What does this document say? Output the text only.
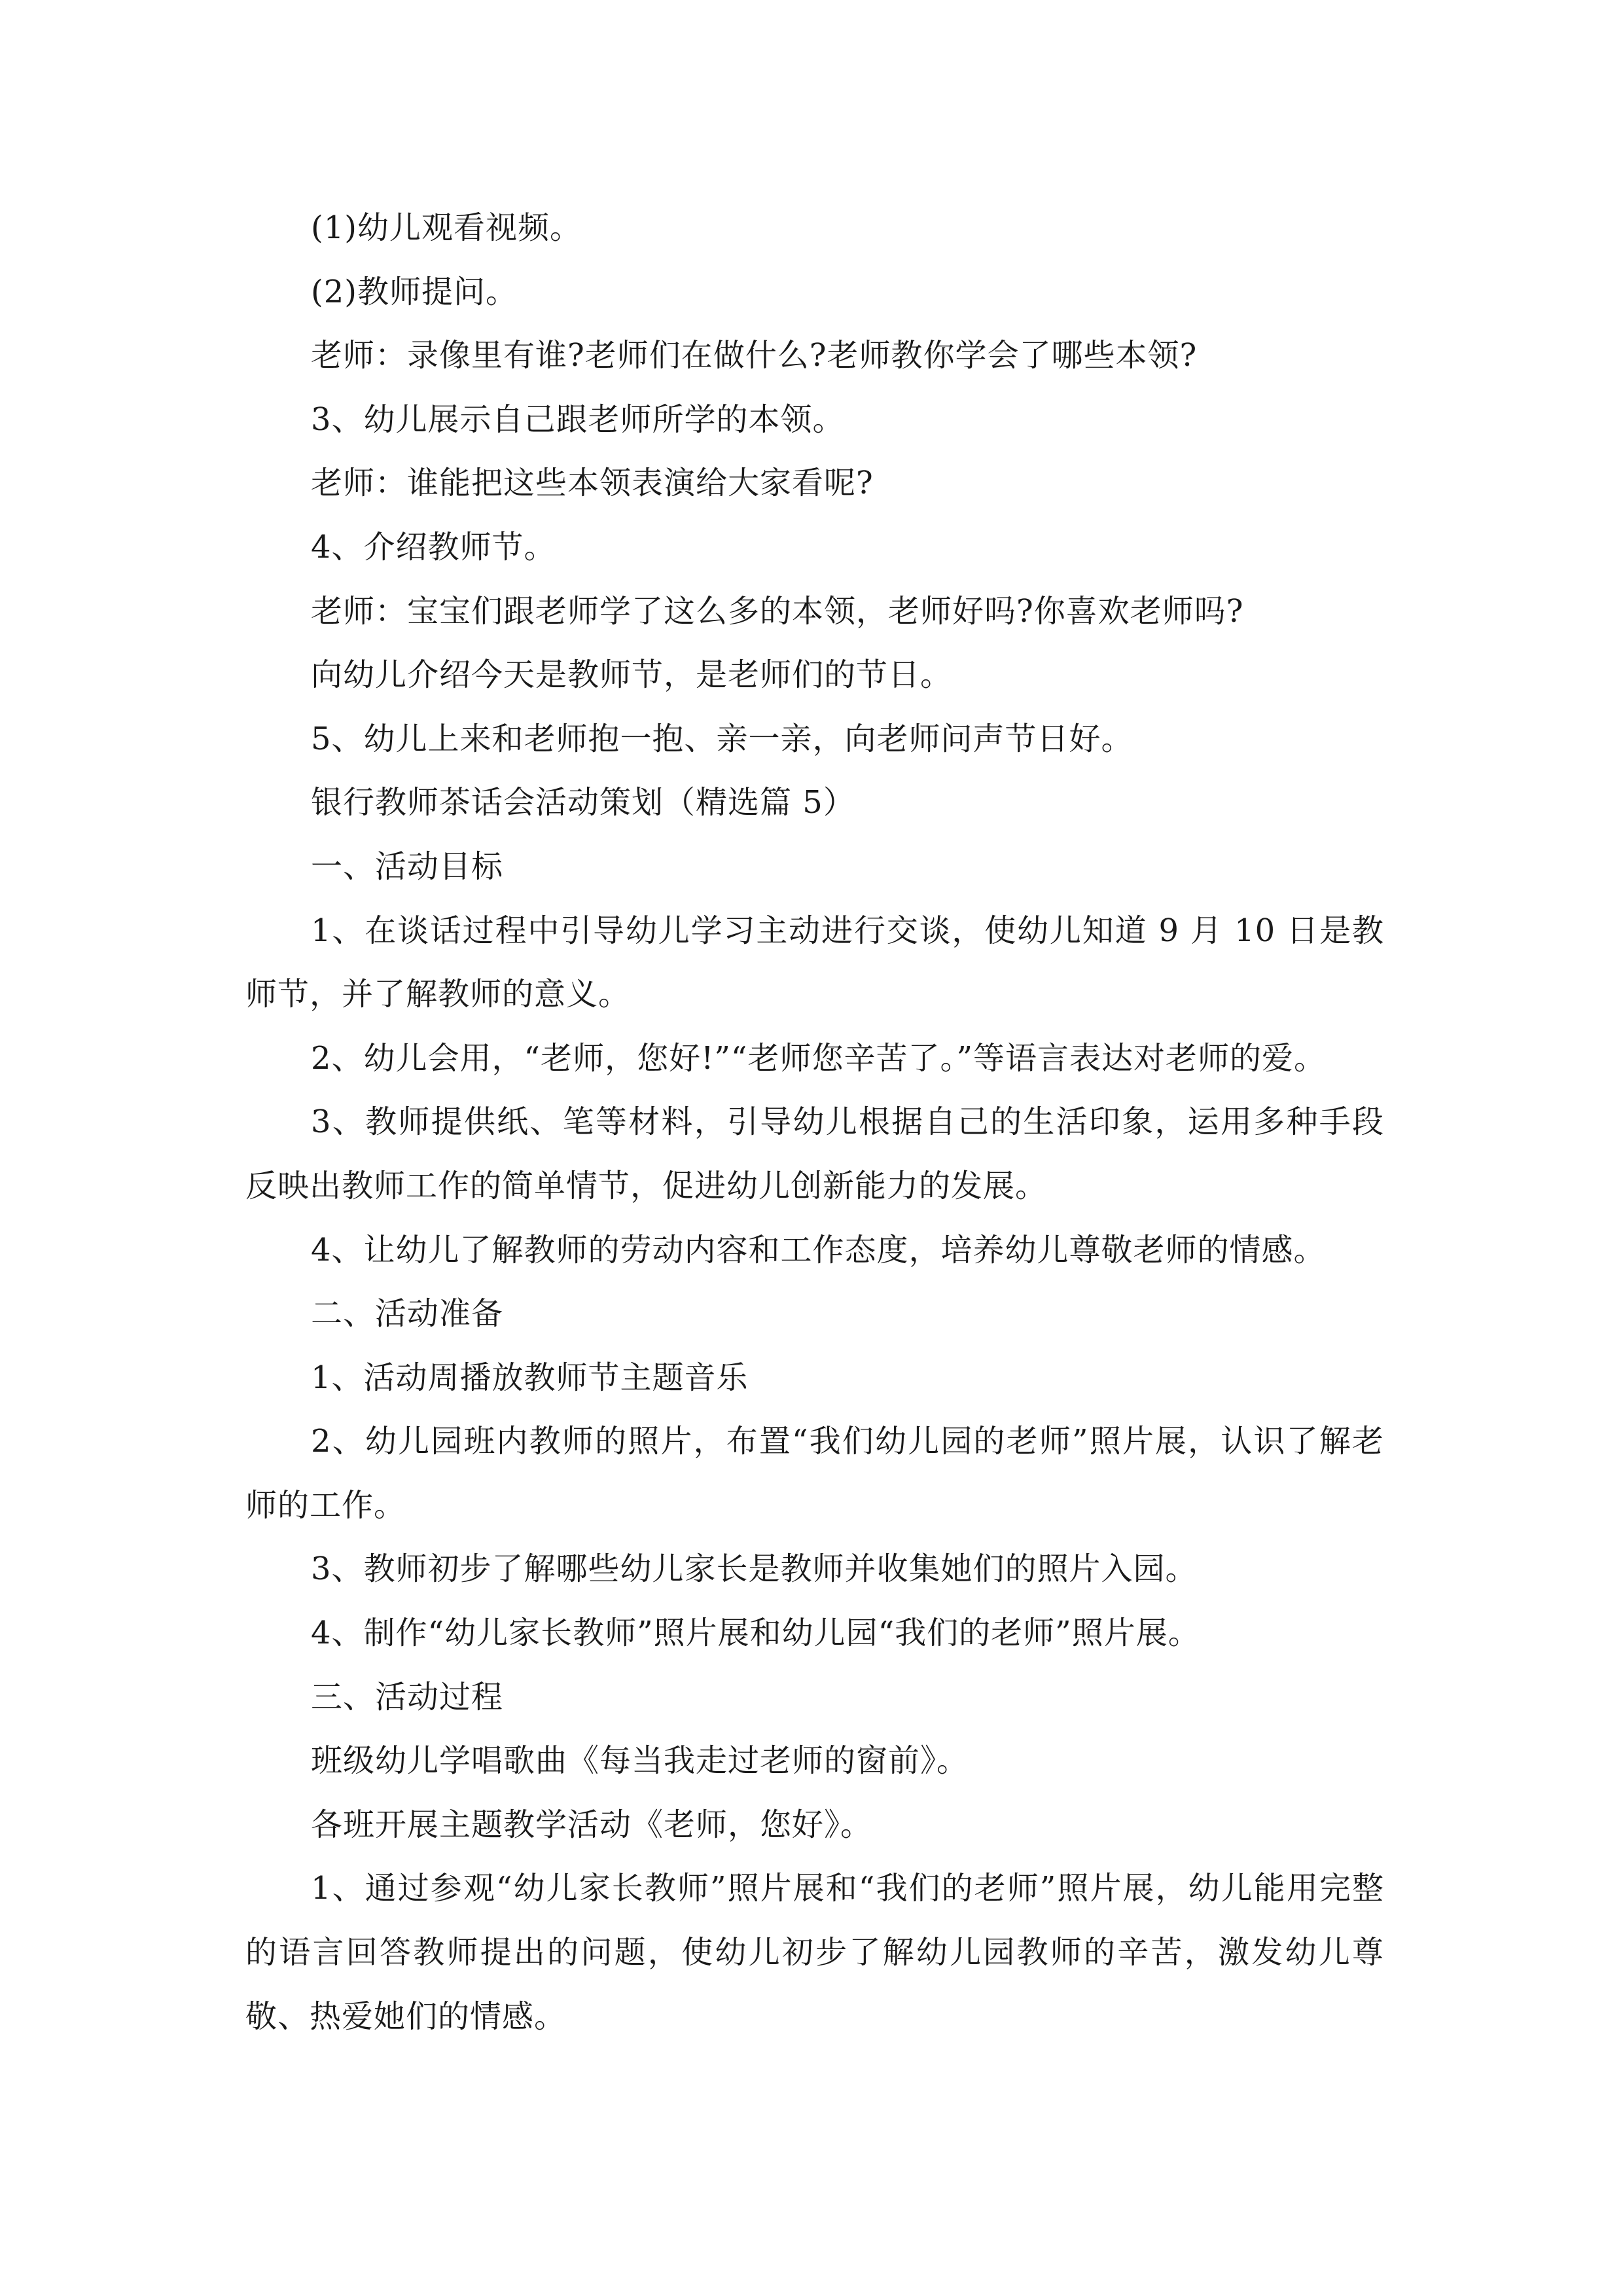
(1)幼儿观看视频。

(2)教师提问。

老师：录像里有谁?老师们在做什么?老师教你学会了哪些本领?

3、幼儿展示自己跟老师所学的本领。

老师：谁能把这些本领表演给大家看呢?

4、介绍教师节。

老师：宝宝们跟老师学了这么多的本领，老师好吗?你喜欢老师吗?

向幼儿介绍今天是教师节，是老师们的节日。

5、幼儿上来和老师抱一抱、亲一亲，向老师问声节日好。

银行教师茶话会活动策划（精选篇 5）

一、活动目标

1、在谈话过程中引导幼儿学习主动进行交谈，使幼儿知道 9 月 10 日是教师节，并了解教师的意义。

2、幼儿会用，“老师，您好!”“老师您辛苦了。”等语言表达对老师的爱。

3、教师提供纸、笔等材料，引导幼儿根据自己的生活印象，运用多种手段反映出教师工作的简单情节，促进幼儿创新能力的发展。

4、让幼儿了解教师的劳动内容和工作态度，培养幼儿尊敬老师的情感。

二、活动准备

1、活动周播放教师节主题音乐

2、幼儿园班内教师的照片，布置“我们幼儿园的老师”照片展，认识了解老师的工作。

3、教师初步了解哪些幼儿家长是教师并收集她们的照片入园。

4、制作“幼儿家长教师”照片展和幼儿园“我们的老师”照片展。

三、活动过程

班级幼儿学唱歌曲《每当我走过老师的窗前》。

各班开展主题教学活动《老师，您好》。

1、通过参观“幼儿家长教师”照片展和“我们的老师”照片展，幼儿能用完整的语言回答教师提出的问题，使幼儿初步了解幼儿园教师的辛苦，激发幼儿尊敬、热爱她们的情感。
